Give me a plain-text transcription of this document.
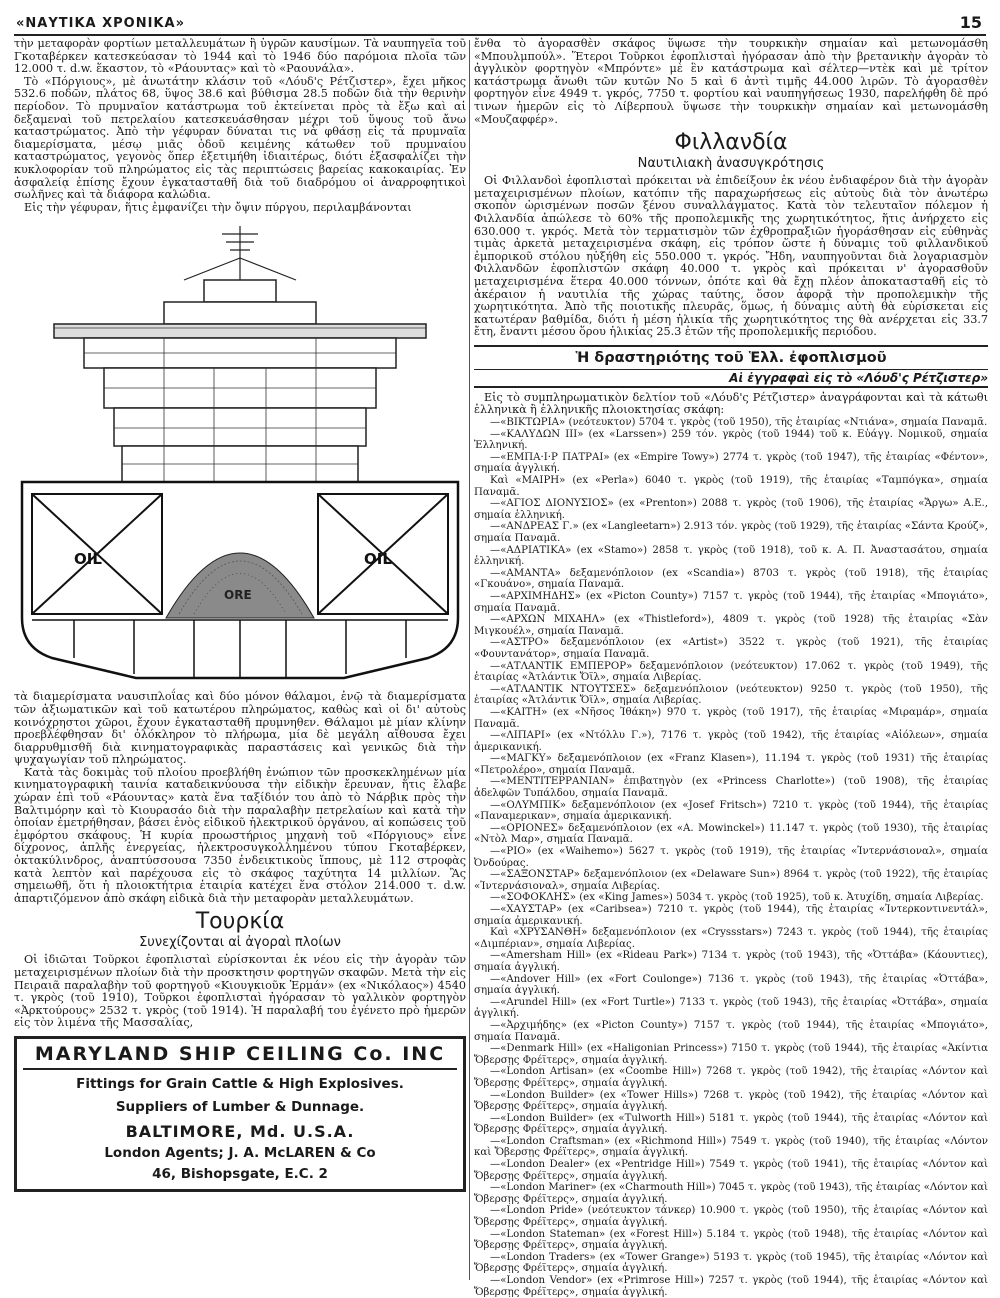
«ΝΑΥΤΙΚΑ ΧΡΟΝΙΚΑ»	15

τὴν μεταφορὰν φορτίων μεταλλευμάτων ἢ ὑγρῶν καυσίμων. Τὰ ναυπηγεῖα τοῦ Γκοταβέρκεν κατεσκεύασαν τὸ 1944 καὶ τὸ 1946 δύο παρόμοια πλοῖα τῶν 12.000 τ. d.w. ἕκαστον, τὸ «Ράουντας» καὶ τὸ «Ραουνάλα».

Τὸ «Πόργιους», μὲ ἀνωτάτην κλάσιν τοῦ «Λόυδ'ς Ρέτζιστερ», ἔχει μῆκος 532.6 ποδῶν, πλάτος 68, ὕψος 38.6 καὶ βύθισμα 28.5 ποδῶν διὰ τὴν θερινὴν περίοδον. Τὸ πρυμναῖον κατάστρωμα τοῦ ἐκτείνεται πρὸς τὰ ἔξω καὶ αἱ δεξαμεναὶ τοῦ πετρελαίου κατεσκευάσθησαν μέχρι τοῦ ὕψους τοῦ ἄνω καταστρώματος. Ἀπὸ τὴν γέφυραν δύναται τις νὰ φθάσῃ εἰς τὰ πρυμναῖα διαμερίσματα, μέσῳ μιᾶς ὁδοῦ κειμένης κάτωθεν τοῦ πρυμναίου καταστρώματος, γεγονὸς ὅπερ ἐξετιμήθη ἰδιαιτέρως, διότι ἐξασφαλίζει τὴν κυκλοφορίαν τοῦ πληρώματος εἰς τὰς περιπτώσεις βαρείας κακοκαιρίας. Ἐν ἀσφαλείᾳ ἐπίσης ἔχουν ἐγκατασταθῆ διὰ τοῦ διαδρόμου οἱ ἀναρροφητικοὶ σωλῆνες καὶ τὰ διάφορα καλώδια.

Εἰς τὴν γέφυραν, ἥτις ἐμφανίζει τὴν ὄψιν πύργου, περιλαμβάνονται

OIL	OIL
ORE

τὰ διαμερίσματα ναυσιπλοΐας καὶ δύο μόνον θάλαμοι, ἐνῷ τὰ διαμερίσματα τῶν ἀξιωματικῶν καὶ τοῦ κατωτέρου πληρώματος, καθὼς καὶ οἱ δι' αὐτοὺς κοινόχρηστοι χῶροι, ἔχουν ἐγκατασταθῆ πρυμνηθεν. Θάλαμοι μὲ μίαν κλίνην προεβλέφθησαν δι' ὁλόκληρον τὸ πλήρωμα, μία δὲ μεγάλη αἴθουσα ἔχει διαρρυθμισθῆ διὰ κινηματογραφικὰς παραστάσεις καὶ γενικῶς διὰ τὴν ψυχαγωγίαν τοῦ πληρώματος.

Κατὰ τὰς δοκιμὰς τοῦ πλοίου προεβλήθη ἐνώπιον τῶν προσκεκλημένων μία κινηματογραφικὴ ταινία καταδεικνύουσα τὴν εἰδικὴν ἔρευναν, ἥτις ἔλαβε χώραν ἐπὶ τοῦ «Ράουντας» κατὰ ἕνα ταξίδιόν του ἀπὸ τὸ Νάρβικ πρὸς τὴν Βαλτιμόρην καὶ τὸ Κιουρασάο διὰ τὴν παραλαβὴν πετρελαίων καὶ κατὰ τὴν ὁποίαν ἐμετρήθησαν, βάσει ἑνὸς εἰδικοῦ ἠλεκτρικοῦ ὀργάνου, αἱ κοπώσεις τοῦ ἐμφόρτου σκάφους. Ἡ κυρία προωστήριος μηχανὴ τοῦ «Πόργιους» εἶνε δίχρονος, ἁπλῆς ἐνεργείας, ἠλεκτροσυγκολλημένου τύπου Γκοταβέρκεν, ὀκτακύλινδρος, ἀναπτύσσουσα 7350 ἐνδεικτικοὺς ἵππους, μὲ 112 στροφὰς κατὰ λεπτὸν καὶ παρέχουσα εἰς τὸ σκάφος ταχύτητα 14 μιλλίων. Ἂς σημειωθῆ, ὅτι ἡ πλοιοκτήτρια ἑταιρία κατέχει ἕνα στόλον 214.000 τ. d.w. ἀπαρτιζόμενον ἀπὸ σκάφη εἰδικὰ διὰ τὴν μεταφορὰν μεταλλευμάτων.

Τουρκία
Συνεχίζονται αἱ ἀγοραὶ πλοίων

Οἱ ἰδιῶται Τοῦρκοι ἐφοπλισταὶ εὑρίσκονται ἐκ νέου εἰς τὴν ἀγορὰν τῶν μεταχειρισμένων πλοίων διὰ τὴν προσκτησιν φορτηγῶν σκαφῶν. Μετὰ τὴν εἰς Πειραιᾶ παραλαβὴν τοῦ φορτηγοῦ «Κιουγκιοῦκ Ἐρμάν» (ex «Νικόλαος») 4540 τ. γκρὸς (τοῦ 1910), Τοῦρκοι ἐφοπλισταὶ ἠγόρασαν τὸ γαλλικὸν φορτηγὸν «Ἀρκτούρους» 2532 τ. γκρὸς (τοῦ 1914). Ἡ παραλαβή του ἐγένετο πρὸ ἡμερῶν εἰς τὸν λιμένα τῆς Μασσαλίας,

MARYLAND SHIP CEILING Co. INC
Fittings for Grain Cattle & High Explosives.
Suppliers of Lumber & Dunnage.
BALTIMORE, Md. U.S.A.
London Agents; J. A. McLAREN & Co
46, Bishopsgate, E.C. 2

ἔνθα τὸ ἀγορασθὲν σκάφος ὕψωσε τὴν τουρκικὴν σημαίαν καὶ μετωνομάσθη «Μπουλμπούλ». Ἕτεροι Τοῦρκοι ἐφοπλισταὶ ἠγόρασαν ἀπὸ τὴν βρετανικὴν ἀγορὰν τὸ ἀγγλικὸν φορτηγὸν «Μπρόντε» μὲ ἓν κατάστρωμα καὶ σέλτερ—ντὲκ καὶ μὲ τρίτον κατάστρωμα ἄνωθι τῶν κυτῶν No 5 καὶ 6 ἀντὶ τιμῆς 44.000 λιρῶν. Τὸ ἀγορασθὲν φορτηγὸν εἶνε 4949 τ. γκρός, 7750 τ. φορτίου καὶ ναυπηγήσεως 1930, παρελήφθη δὲ πρό τινων ἡμερῶν εἰς τὸ Λίβερπουλ ὕψωσε τὴν τουρκικὴν σημαίαν καὶ μετωνομάσθη «Μουζαφφέρ».

Φιλλανδία
Ναυτιλιακὴ ἀνασυγκρότησις

Οἱ Φιλλανδοὶ ἐφοπλισταὶ πρόκειται νὰ ἐπιδείξουν ἐκ νέου ἐνδιαφέρον διὰ τὴν ἀγορὰν μεταχειρισμένων πλοίων, κατόπιν τῆς παραχωρήσεως εἰς αὐτοὺς διὰ τὸν ἀνωτέρω σκοπὸν ὡρισμένων ποσῶν ξένου συναλλάγματος. Κατὰ τὸν τελευταῖον πόλεμον ἡ Φιλλανδία ἀπώλεσε τὸ 60% τῆς προπολεμικῆς της χωρητικότητος, ἥτις ἀνήρχετο εἰς 630.000 τ. γκρός. Μετὰ τὸν τερματισμὸν τῶν ἐχθροπραξιῶν ἠγοράσθησαν εἰς εὐθηνὰς τιμὰς ἀρκετὰ μεταχειρισμένα σκάφη, εἰς τρόπον ὥστε ἡ δύναμις τοῦ φιλλανδικοῦ ἐμπορικοῦ στόλου ηὐξήθη εἰς 550.000 τ. γκρός. Ἤδη, ναυπηγοῦνται διὰ λογαριασμὸν Φιλλανδῶν ἐφοπλιστῶν σκάφη 40.000 τ. γκρὸς καὶ πρόκειται ν' ἀγορασθοῦν μεταχειρισμένα ἕτερα 40.000 τόννων, ὁπότε καὶ θὰ ἔχῃ πλέον ἀποκατασταθῆ εἰς τὸ ἀκέραιον ἡ ναυτιλία τῆς χώρας ταύτης, ὅσον ἀφορᾷ τὴν προπολεμικὴν τῆς χωρητικότητα. Ἀπὸ τῆς ποιοτικῆς πλευρᾶς, ὅμως, ἡ δύναμις αὐτὴ θὰ εὑρίσκεται εἰς κατωτέραν βαθμίδα, διότι ἡ μέση ἡλικία τῆς χωρητικότητος της θὰ ανέρχεται εἰς 33.7 ἔτη, ἔναντι μέσου ὅρου ἡλικίας 25.3 ἐτῶν τῆς προπολεμικῆς περιόδου.

Ἡ δραστηριότης τοῦ Ἑλλ. ἐφοπλισμοῦ
Αἱ ἐγγραφαὶ εἰς τὸ «Λόυδ'ς Ρέτζιστερ»

Εἰς τὸ συμπληρωματικὸν δελτίον τοῦ «Λόυδ'ς Ρέτζιστερ» ἀναγράφονται καὶ τὰ κάτωθι ἑλληνικὰ ἢ ἑλληνικῆς πλοιοκτησίας σκάφη:

—«ΒΙΚΤΩΡΙΑ» (νεότευκτον) 5704 τ. γκρὸς (τοῦ 1950), τῆς ἑταιρίας «Ντιάνα», σημαία Παναμᾶ.

—«ΚΑΛΥΔΩΝ ΙΙΙ» (ex «Larssen») 259 τόν. γκρὸς (τοῦ 1944) τοῦ κ. Εὐάγγ. Νομικοῦ, σημαία Ἑλληνική.

—«ΕΜΠΑ·Ι·Ρ ΠΑΤΡΑΙ» (ex «Empire Towy») 2774 τ. γκρὸς (τοῦ 1947), τῆς ἑταιρίας «Φέντον», σημαία ἀγγλική.

Καὶ «ΜΑΙΡΗ» (ex «Perla») 6040 τ. γκρὸς (τοῦ 1919), τῆς ἑταιρίας «Ταμπόγκα», σημαία Παναμᾶ.

—«ΑΓΙΟΣ ΔΙΟΝΥΣΙΟΣ» (ex «Prenton») 2088 τ. γκρὸς (τοῦ 1906), τῆς ἑταιρίας «Ἄργω» Α.Ε., σημαία ἑλληνική.

—«ΑΝΔΡΕΑΣ Γ.» (ex «Langleetarn») 2.913 τόν. γκρὸς (τοῦ 1929), τῆς ἑταιρίας «Σάντα Κρούζ», σημαία Παναμᾶ.

—«ΑΔΡΙΑΤΙΚΑ» (ex «Stamo») 2858 τ. γκρὸς (τοῦ 1918), τοῦ κ. Α. Π. Ἀναστασάτου, σημαία ἑλληνική.

—«ΑΜΑΝΤΑ» δεξαμενόπλοιον (ex «Scandia») 8703 τ. γκρὸς (τοῦ 1918), τῆς ἑταιρίας «Γκουάνο», σημαία Παναμᾶ.

—«ΑΡΧΙΜΗΔΗΣ» (ex «Picton County») 7157 τ. γκρὸς (τοῦ 1944), τῆς ἑταιρίας «Μπογιάτο», σημαία Παναμᾶ.

—«ΑΡΧΩΝ ΜΙΧΑΗΛ» (ex «Thistleford»), 4809 τ. γκρὸς (τοῦ 1928) τῆς ἑταιρίας «Σὰν Μιγκουέλ», σημαία Παναμᾶ.

—«ΑΣΤΡΟ» δεξαμενόπλοιον (ex «Artist») 3522 τ. γκρὸς (τοῦ 1921), τῆς ἑταιρίας «Φουντανάτορ», σημαία Παναμᾶ.

—«ΑΤΛΑΝΤΙΚ ΕΜΠΕΡΟΡ» δεξαμενόπλοιον (νεότευκτον) 17.062 τ. γκρὸς (τοῦ 1949), τῆς ἑταιρίας «Ἀτλάντικ Ὄϊλ», σημαία Λιβερίας.

—«ΑΤΛΑΝΤΙΚ ΝΤΟΥΤΣΕΣ» δεξαμενόπλοιον (νεότευκτον) 9250 τ. γκρὸς (τοῦ 1950), τῆς ἑταιρίας «Ἀτλάντικ Ὄϊλ», σημαία Λιβερίας.

—«ΚΑΙΤΗ» (ex «Νῆσος Ἰθάκη») 970 τ. γκρὸς (τοῦ 1917), τῆς ἑταιρίας «Μιραμάρ», σημαία Παναμᾶ.

—«ΛΙΠΑΡΙ» (ex «Ντόλλυ Γ.»), 7176 τ. γκρὸς (τοῦ 1942), τῆς ἑταιρίας «Αἰόλεων», σημαία ἀμερικανική.

—«ΜΑΓΚΥ» δεξαμενόπλοιον (ex «Franz Klasen»), 11.194 τ. γκρὸς (τοῦ 1931) τῆς ἑταιρίας «Πετρολέρο», σημαία Παναμᾶ.

—«ΜΕΝΤΙΤΕΡΡΑΝΙΑΝ» ἐπιβατηγὸν (ex «Princess Charlotte») (τοῦ 1908), τῆς ἑταιρίας ἀδελφῶν Τυπάλδου, σημαία Παναμᾶ.

—«ΟΛΥΜΠΙΚ» δεξαμενόπλοιον (ex «Josef Fritsch») 7210 τ. γκρὸς (τοῦ 1944), τῆς ἑταιρίας «Παναμερικαν», σημαία ἀμερικανική.

—«ΟΡΙΟΝΕΣ» δεξαμενόπλοιον (ex «A. Mowinckel») 11.147 τ. γκρὸς (τοῦ 1930), τῆς ἑταιρίας «Ντὸλ Μαρ», σημαία Παναμᾶ.

—«PIO» (ex «Waihemo») 5627 τ. γκρὸς (τοῦ 1919), τῆς ἑταιρίας «Ἰντερνάσιοναλ», σημαία Ὀνδούρας.

—«ΣΑΞΟΝΣΤΑΡ» δεξαμενόπλοιον (ex «Delaware Sun») 8964 τ. γκρὸς (τοῦ 1922), τῆς ἑταιρίας «Ἰντερνάσιοναλ», σημαία Λιβερίας.

—«ΣΟΦΟΚΛΗΣ» (ex «King James») 5034 τ. γκρὸς (τοῦ 1925), τοῦ κ. Ἀτυχίδη, σημαία Λιβερίας.

—«ΧΑΥΣΤΑΡ» (ex «Caribsea») 7210 τ. γκρὸς (τοῦ 1944), τῆς ἑταιρίας «Ἰντερκοντινεντάλ», σημαία ἀμερικανική.

Καὶ «ΧΡΥΣΑΝΘΗ» δεξαμενόπλοιον (ex «Cryssstars») 7243 τ. γκρὸς (τοῦ 1944), τῆς ἑταιρίας «Διμπέριαν», σημαία Λιβερίας.

—«Amersham Hill» (ex «Rideau Park») 7134 τ. γκρὸς (τοῦ 1943), τῆς «Ὀττάβα» (Κάουντιες), σημαία ἀγγλική.

—«Andover Hill» (ex «Fort Coulonge») 7136 τ. γκρὸς (τοῦ 1943), τῆς ἑταιρίας «Ὀττάβα», σημαία ἀγγλική.

—«Arundel Hill» (ex «Fort Turtle») 7133 τ. γκρὸς (τοῦ 1943), τῆς ἑταιρίας «Ὀττάβα», σημαία ἀγγλική.

—«Ἀρχιμήδης» (ex «Picton County») 7157 τ. γκρὸς (τοῦ 1944), τῆς ἑταιρίας «Μπογιάτο», σημαία Παναμᾶ.

—«Denmark Hill» (ex «Haligonian Princess») 7150 τ. γκρὸς (τοῦ 1944), τῆς ἑταιρίας «Ἀκίντια Ὄβερσῃς Φρέϊτερς», σημαία ἀγγλική.

—«London Artisan» (ex «Coombe Hill») 7268 τ. γκρὸς (τοῦ 1942), τῆς ἑταιρίας «Λόντον καὶ Ὄβερσῃς Φρέϊτερς», σημαία ἀγγλική.

—«London Builder» (ex «Tower Hills») 7268 τ. γκρὸς (τοῦ 1942), τῆς ἑταιρίας «Λόντον καὶ Ὄβερσῃς Φρέϊτερς», σημαία ἀγγλική.

—«London Builder» (ex «Tulworth Hill») 5181 τ. γκρὸς (τοῦ 1944), τῆς ἑταιρίας «Λόντον καὶ Ὄβερσῃς Φρέϊτερς», σημαία ἀγγλική.

—«London Craftsman» (ex «Richmond Hill») 7549 τ. γκρὸς (τοῦ 1940), τῆς ἑταιρίας «Λόντον καὶ Ὄβερσῃς Φρέϊτερς», σημαία ἀγγλική.

—«London Dealer» (ex «Pentridge Hill») 7549 τ. γκρὸς (τοῦ 1941), τῆς ἑταιρίας «Λόντον καὶ Ὄβερσῃς Φρέϊτερς», σημαία ἀγγλική.

—«London Mariner» (ex «Charmouth Hill») 7045 τ. γκρὸς (τοῦ 1943), τῆς ἑταιρίας «Λόντον καὶ Ὄβερσῃς Φρέϊτερς», σημαία ἀγγλική.

—«London Pride» (νεότευκτον τάνκερ) 10.900 τ. γκρὸς (τοῦ 1950), τῆς ἑταιρίας «Λόντον καὶ Ὄβερσῃς Φρέϊτερς», σημαία ἀγγλική.

—«London Stateman» (ex «Forest Hill») 5.184 τ. γκρὸς (τοῦ 1948), τῆς ἑταιρίας «Λόντον καὶ Ὄβερσῃς Φρέϊτερς», σημαία ἀγγλική.

—«London Traders» (ex «Tower Grange») 5193 τ. γκρὸς (τοῦ 1945), τῆς ἑταιρίας «Λόντον καὶ Ὄβερσῃς Φρέϊτερς», σημαία ἀγγλική.

—«London Vendor» (ex «Primrose Hill») 7257 τ. γκρὸς (τοῦ 1944), τῆς ἑταιρίας «Λόντον καὶ Ὄβερσῃς Φρέϊτερς», σημαία ἀγγλική.
